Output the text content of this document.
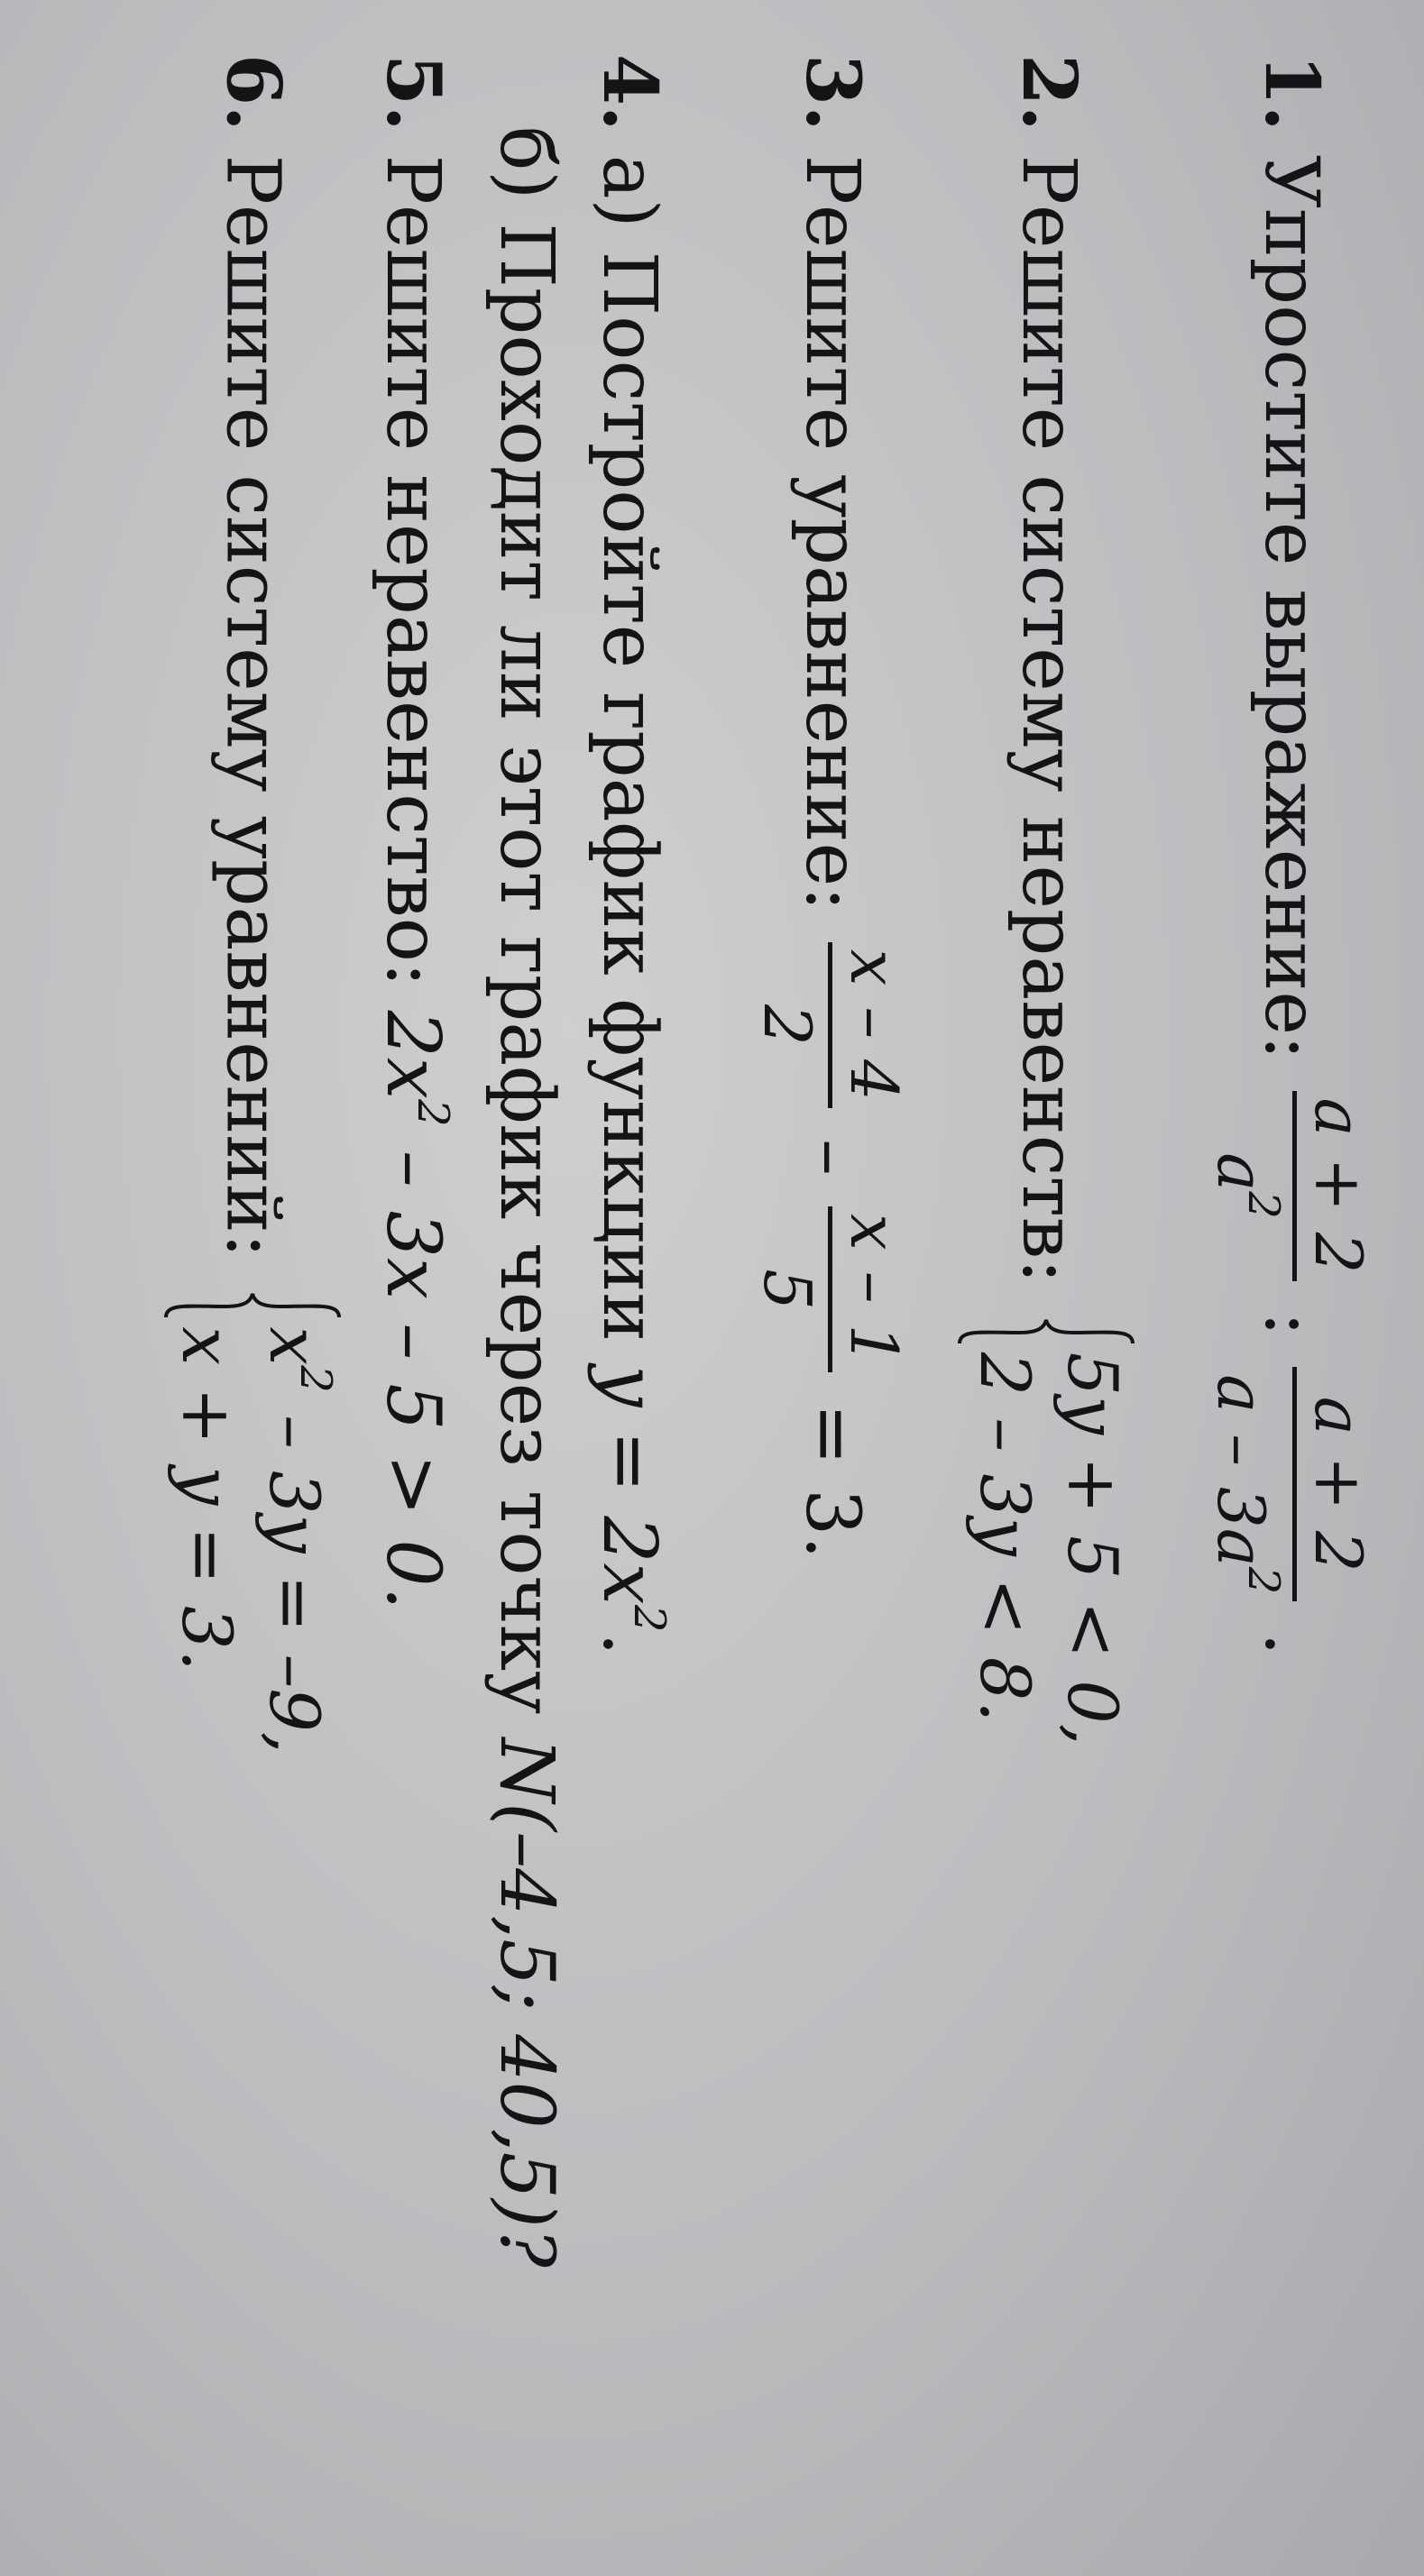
1. Упростите выражение:
a + 2
$a^2$
:
a + 2
a – $3a^2$
.
2. Решите систему неравенств:
5y + 5 < 0,
2 – 3y < 8.
3. Решите уравнение:
x – 4
2
–
x – 1
5
= 3.
4. а) Постройте график функции $y = 2x^2$.
б) Проходит ли этот график через точку N(–4,5; 40,5)?
5. Решите неравенство: $2x^2 - 3x - 5 > 0$.
6. Решите систему уравнений:
$x^2 - 3y = -9$,
x + y = 3.
